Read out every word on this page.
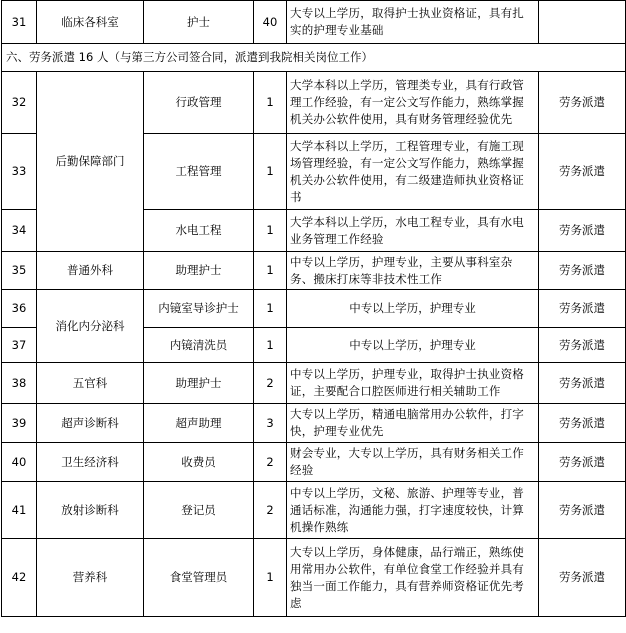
31	临床各科室	护士	40	大专以上学历，取得护士执业资格证，具有扎实的护理专业基础	
六、劳务派遣 16 人（与第三方公司签合同，派遣到我院相关岗位工作）					
32	后勤保障部门	行政管理	1	大学本科以上学历，管理类专业，具有行政管理工作经验，有一定公文写作能力，熟练掌握机关办公软件使用，具有财务管理经验优先	劳务派遣
33		工程管理	1	大学本科以上学历，工程管理专业，有施工现场管理经验，有一定公文写作能力，熟练掌握机关办公软件使用，有二级建造师执业资格证书	劳务派遣
34		水电工程	1	大学本科以上学历，水电工程专业，具有水电业务管理工作经验	劳务派遣
35	普通外科	助理护士	1	中专以上学历，护理专业，主要从事科室杂务、搬床打床等非技术性工作	劳务派遣
36	消化内分泌科	内镜室导诊护士	1	中专以上学历，护理专业	劳务派遣
37		内镜清洗员	1	中专以上学历，护理专业	劳务派遣
38	五官科	助理护士	2	中专以上学历，护理专业，取得护士执业资格证，主要配合口腔医师进行相关辅助工作	劳务派遣
39	超声诊断科	超声助理	3	大专以上学历，精通电脑常用办公软件，打字快，护理专业优先	劳务派遣
40	卫生经济科	收费员	2	财会专业，大专以上学历，具有财务相关工作经验	劳务派遣
41	放射诊断科	登记员	2	中专以上学历，文秘、旅游、护理等专业，普通话标准，沟通能力强，打字速度较快，计算机操作熟练	劳务派遣
42	营养科	食堂管理员	1	大专以上学历，身体健康，品行端正，熟练使用常用办公软件，有单位食堂工作经验并具有独当一面工作能力，具有营养师资格证优先考虑	劳务派遣
